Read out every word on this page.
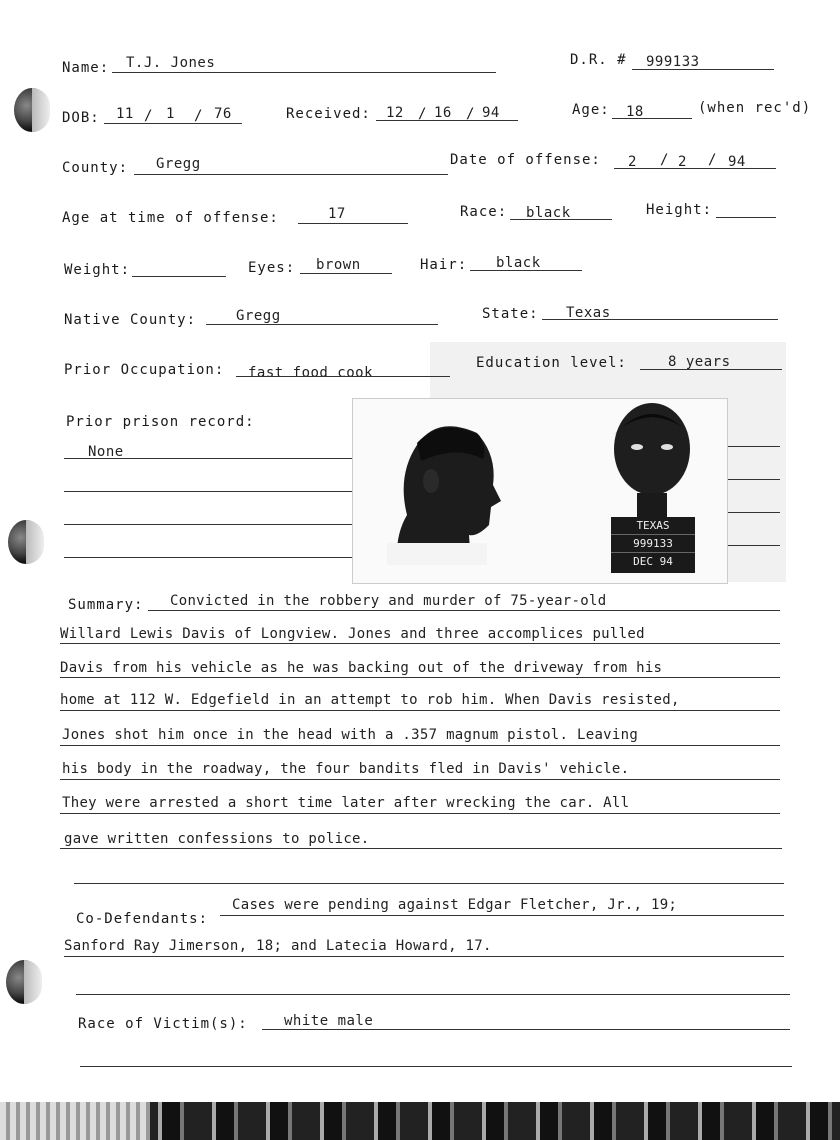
Name: T.J. Jones	D.R. # 999133
DOB: 11 / 1 / 76	Received: 12 / 16 / 94	Age: 18	(when rec'd)
County: Gregg	Date of offense: 2 / 2 / 94
Age at time of offense:	17	Race: black	Height:
Weight:	Eyes: brown	Hair: black
Native County:	Gregg	State: Texas
Prior Occupation: fast food cook
Education level:	8 years
Prior prison record:
None
TEXAS
999133
DEC 94
Summary: Convicted in the robbery and murder of 75-year-old
Willard Lewis Davis of Longview. Jones and three accomplices pulled
Davis from his vehicle as he was backing out of the driveway from his
home at 112 W. Edgefield in an attempt to rob him. When Davis resisted,
Jones shot him once in the head with a .357 magnum pistol. Leaving
his body in the roadway, the four bandits fled in Davis' vehicle.
They were arrested a short time later after wrecking the car. All
gave written confessions to police.
Co-Defendants:
Cases were pending against Edgar Fletcher, Jr., 19;
Sanford Ray Jimerson, 18; and Latecia Howard, 17.
Race of Victim(s):	white male
